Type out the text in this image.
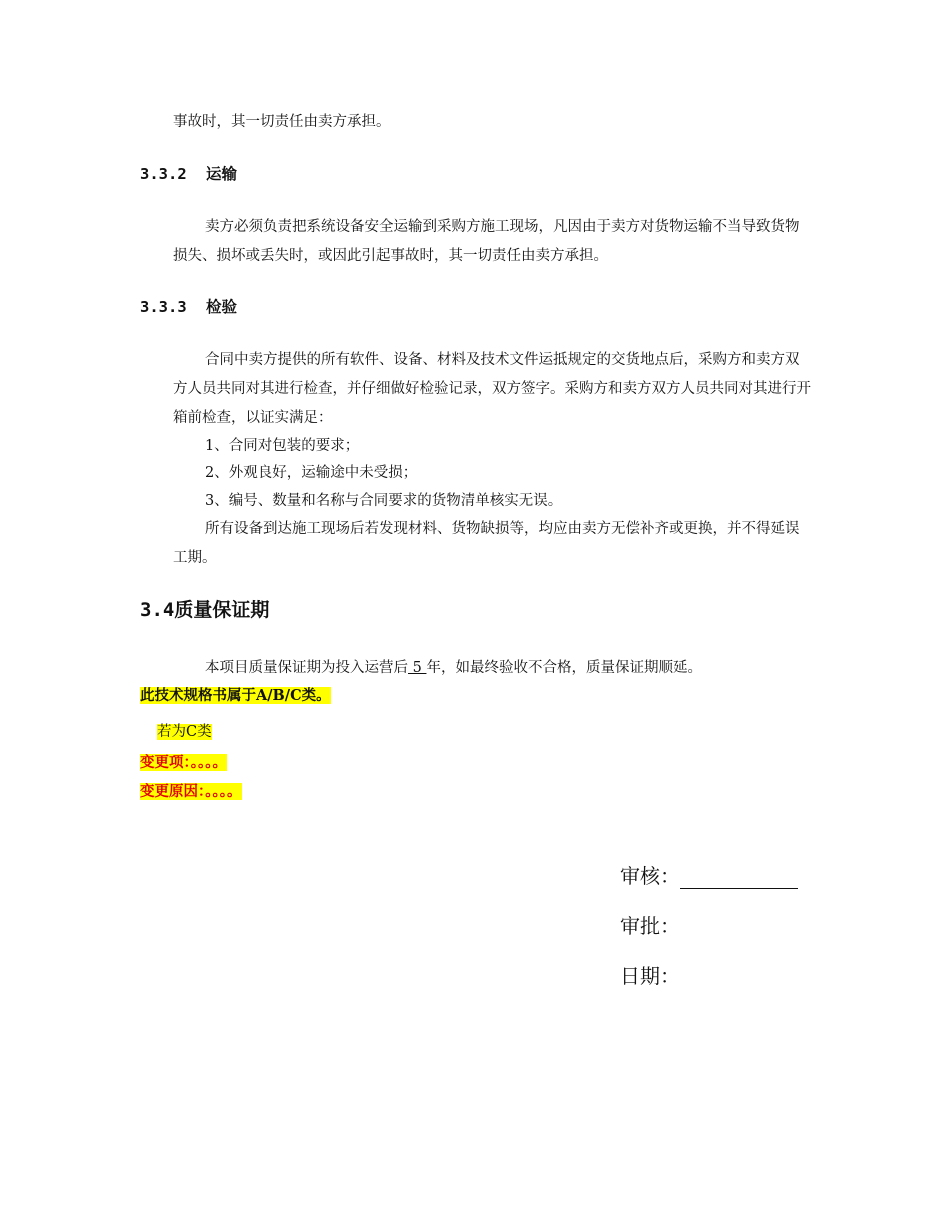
事故时，其一切责任由卖方承担。

3.3.2 运输

卖方必须负责把系统设备安全运输到采购方施工现场，凡因由于卖方对货物运输不当导致货物损失、损坏或丢失时，或因此引起事故时，其一切责任由卖方承担。

3.3.3 检验

合同中卖方提供的所有软件、设备、材料及技术文件运抵规定的交货地点后，采购方和卖方双方人员共同对其进行检查，并仔细做好检验记录，双方签字。采购方和卖方双方人员共同对其进行开箱前检查，以证实满足：

1、合同对包装的要求；

2、外观良好，运输途中未受损；

3、编号、数量和名称与合同要求的货物清单核实无误。

所有设备到达施工现场后若发现材料、货物缺损等，均应由卖方无偿补齐或更换，并不得延误工期。

3.4质量保证期

本项目质量保证期为投入运营后 5 年，如最终验收不合格，质量保证期顺延。

此技术规格书属于A/B/C类。

若为C类

变更项：。。。。

变更原因：。。。。

审核：
审批：
日期：
